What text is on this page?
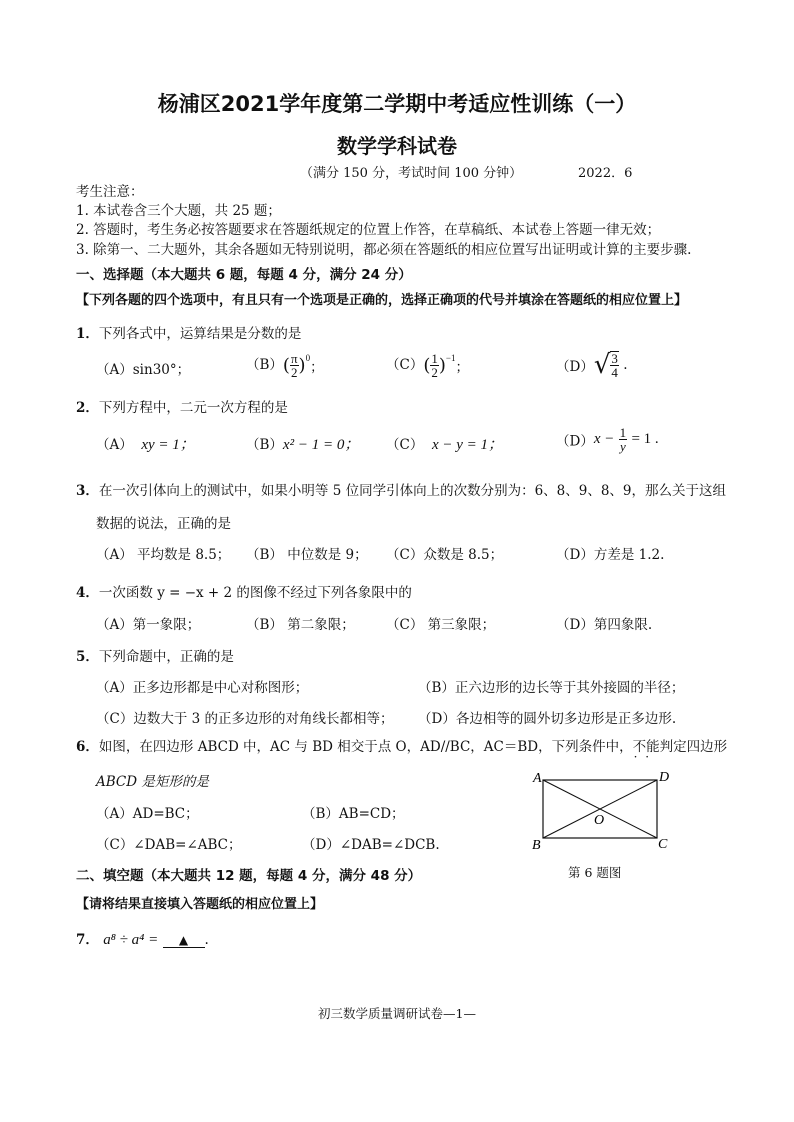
杨浦区2021学年度第二学期中考适应性训练（一）
数学学科试卷
（满分 150 分，考试时间 100 分钟）	2022．6
考生注意：
1. 本试卷含三个大题，共 25 题；
2. 答题时，考生务必按答题要求在答题纸规定的位置上作答，在草稿纸、本试卷上答题一律无效；
3. 除第一、二大题外，其余各题如无特别说明，都必须在答题纸的相应位置写出证明或计算的主要步骤.
一、选择题（本大题共 6 题，每题 4 分，满分 24 分）
【下列各题的四个选项中，有且只有一个选项是正确的，选择正确项的代号并填涂在答题纸的相应位置上】
1．下列各式中，运算结果是分数的是
（A）sin30°；	$(B)( \frac{\pi}{2} )^0$；	$(C)( \frac{1}{2} )^{-1}$；	$(D)√ \frac{3}{4}$ .
2．下列方程中，二元一次方程的是
（A） xy = 1；	（B）x² − 1 = 0； （C） x − y = 1；	$(D)x - \frac{1}{y} = 1$ .
3．在一次引体向上的测试中，如果小明等 5 位同学引体向上的次数分别为：6、8、9、8、9，那么关于这组
数据的说法，正确的是
（A） 平均数是 8.5； （B） 中位数是 9； （C）众数是 8.5；	（D）方差是 1.2.
4．一次函数 y = −x + 2 的图像不经过下列各象限中的
（A）第一象限；	（B） 第二象限； （C） 第三象限；	（D）第四象限.
5．下列命题中，正确的是
（A）正多边形都是中心对称图形；	（B）正六边形的边长等于其外接圆的半径；
（C）边数大于 3 的正多边形的对角线长都相等； （D）各边相等的圆外切多边形是正多边形.
6．如图，在四边形 ABCD 中，AC 与 BD 相交于点 O，AD//BC，AC＝BD，下列条件中，不能 · ·判定四边形
ABCD 是矩形的是
（A）AD=BC；	（B）AB=CD；
（C）∠DAB=∠ABC；	（D）∠DAB=∠DCB.
A	D
B	C
O
第 6 题图
二、填空题（本大题共 12 题，每题 4 分，满分 48 分）
【请将结果直接填入答题纸的相应位置上】
7． a⁸ ÷ a⁴ = ▲ .
初三数学质量调研试卷—1—
